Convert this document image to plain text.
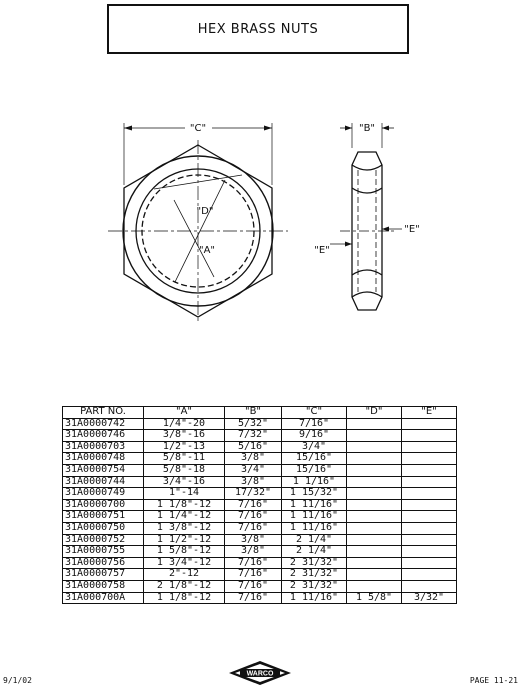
HEX BRASS NUTS
"C"
"D"
"A"
"B"
"E"
"E"
PART NO.	"A"	"B"	"C"	"D"	"E"
31A0000742	1/4"-20	5/32"	7/16"		
31A0000746	3/8"-16	7/32"	9/16"		
31A0000703	1/2"-13	5/16"	3/4"		
31A0000748	5/8"-11	3/8"	15/16"		
31A0000754	5/8"-18	3/4"	15/16"		
31A0000744	3/4"-16	3/8"	1 1/16"		
31A0000749	1"-14	17/32"	1 15/32"		
31A0000700	1 1/8"-12	7/16"	1 11/16"		
31A0000751	1 1/4"-12	7/16"	1 11/16"		
31A0000750	1 3/8"-12	7/16"	1 11/16"		
31A0000752	1 1/2"-12	3/8"	2 1/4"		
31A0000755	1 5/8"-12	3/8"	2 1/4"		
31A0000756	1 3/4"-12	7/16"	2 31/32"		
31A0000757	2"-12	7/16"	2 31/32"		
31A0000758	2 1/8"-12	7/16"	2 31/32"		
31A000700A	1 1/8"-12	7/16"	1 11/16"	1 5/8"	3/32"
9/1/02	PAGE 11-21
WARCO
